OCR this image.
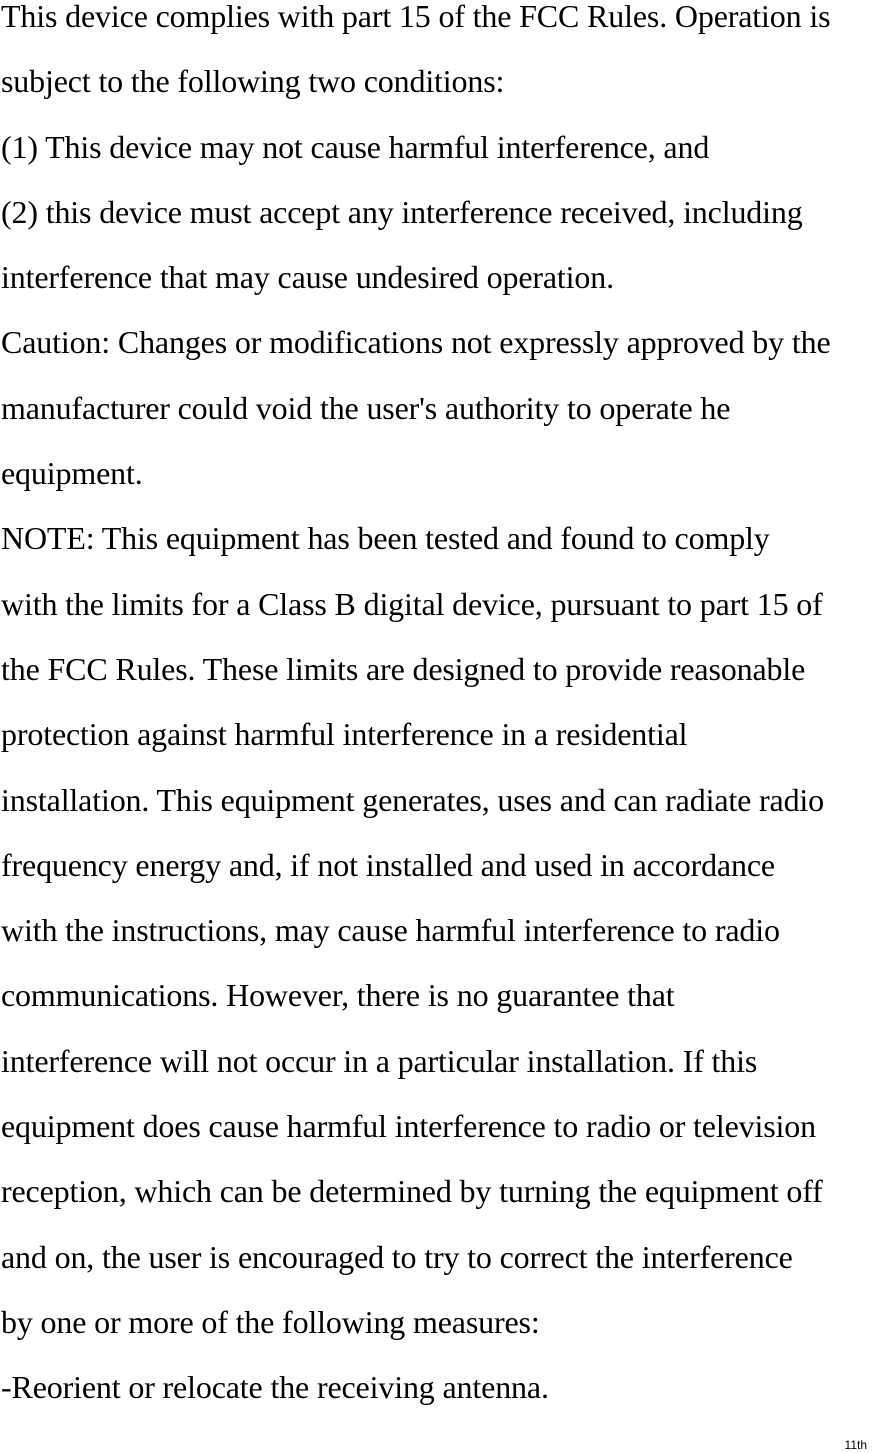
This device complies with part 15 of the FCC Rules. Operation is
subject to the following two conditions:
(1) This device may not cause harmful interference, and
(2) this device must accept any interference received, including
interference that may cause undesired operation.
Caution: Changes or modifications not expressly approved by the
manufacturer could void the user's authority to operate he
equipment.
NOTE: This equipment has been tested and found to comply
with the limits for a Class B digital device, pursuant to part 15 of
the FCC Rules. These limits are designed to provide reasonable
protection against harmful interference in a residential
installation. This equipment generates, uses and can radiate radio
frequency energy and, if not installed and used in accordance
with the instructions, may cause harmful interference to radio
communications. However, there is no guarantee that
interference will not occur in a particular installation. If this
equipment does cause harmful interference to radio or television
reception, which can be determined by turning the equipment off
and on, the user is encouraged to try to correct the interference
by one or more of the following measures:
-Reorient or relocate the receiving antenna.
11th
